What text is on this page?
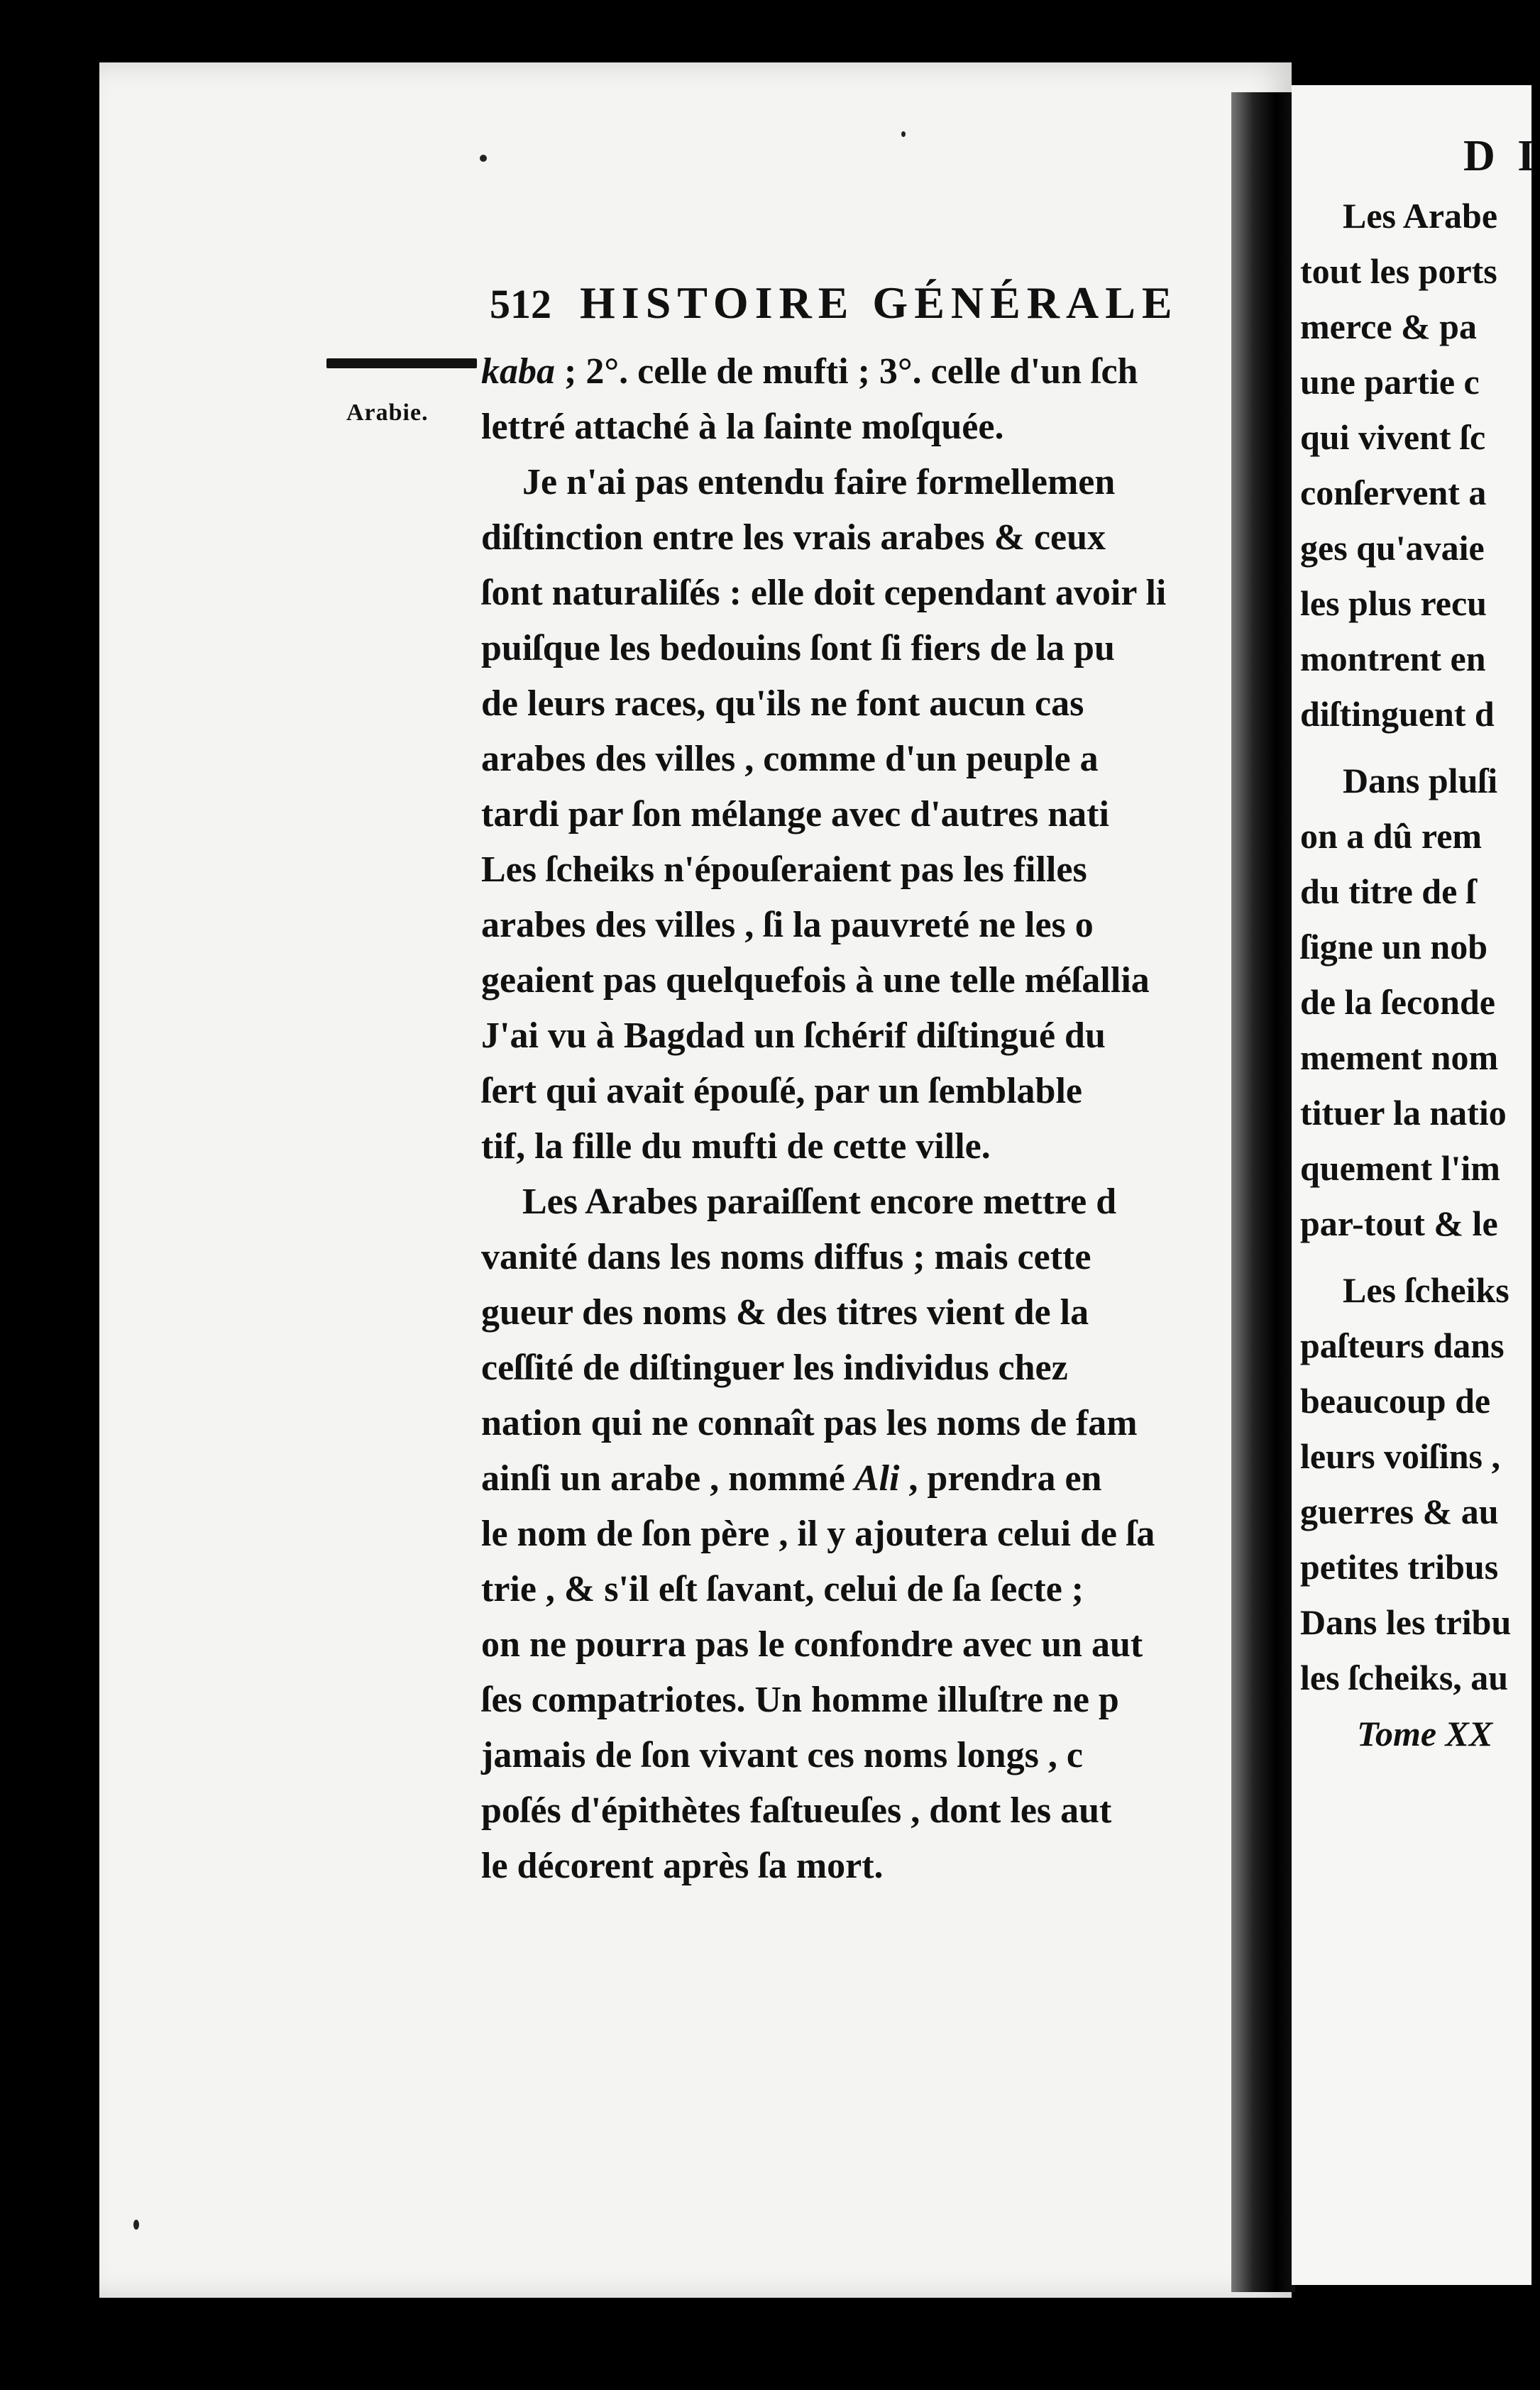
512 HISTOIRE GÉNÉRALE
Arabie.
kaba ; 2°. celle de mufti ; 3°. celle d'un ſch
lettré attaché à la ſainte moſquée.
Je n'ai pas entendu faire formellemen
diſtinction entre les vrais arabes & ceux
ſont naturaliſés : elle doit cependant avoir li
puiſque les bedouins ſont ſi fiers de la pu
de leurs races, qu'ils ne font aucun cas
arabes des villes , comme d'un peuple a
tardi par ſon mélange avec d'autres nati
Les ſcheiks n'épouſeraient pas les filles
arabes des villes , ſi la pauvreté ne les o
geaient pas quelquefois à une telle méſallia
J'ai vu à Bagdad un ſchérif diſtingué du
ſert qui avait épouſé, par un ſemblable
tif, la fille du mufti de cette ville.
Les Arabes paraiſſent encore mettre d
vanité dans les noms diffus ; mais cette
gueur des noms & des titres vient de la
ceſſité de diſtinguer les individus chez
nation qui ne connaît pas les noms de fam
ainſi un arabe , nommé Ali , prendra en
le nom de ſon père , il y ajoutera celui de ſa
trie , & s'il eſt ſavant, celui de ſa ſecte ;
on ne pourra pas le confondre avec un aut
ſes compatriotes. Un homme illuſtre ne p
jamais de ſon vivant ces noms longs , c
poſés d'épithètes faſtueuſes , dont les aut
le décorent après ſa mort.
D I
Les Arabe
tout les ports
merce & pa
une partie c
qui vivent ſc
conſervent a
ges qu'avaie
les plus recu
montrent en
diſtinguent d
Dans pluſi
on a dû rem
du titre de ſ
ſigne un nob
de la ſeconde
mement nom
tituer la natio
quement l'im
par-tout & le
Les ſcheiks
paſteurs dans
beaucoup de
leurs voiſins ,
guerres & au
petites tribus
Dans les tribu
les ſcheiks, au
Tome XX
